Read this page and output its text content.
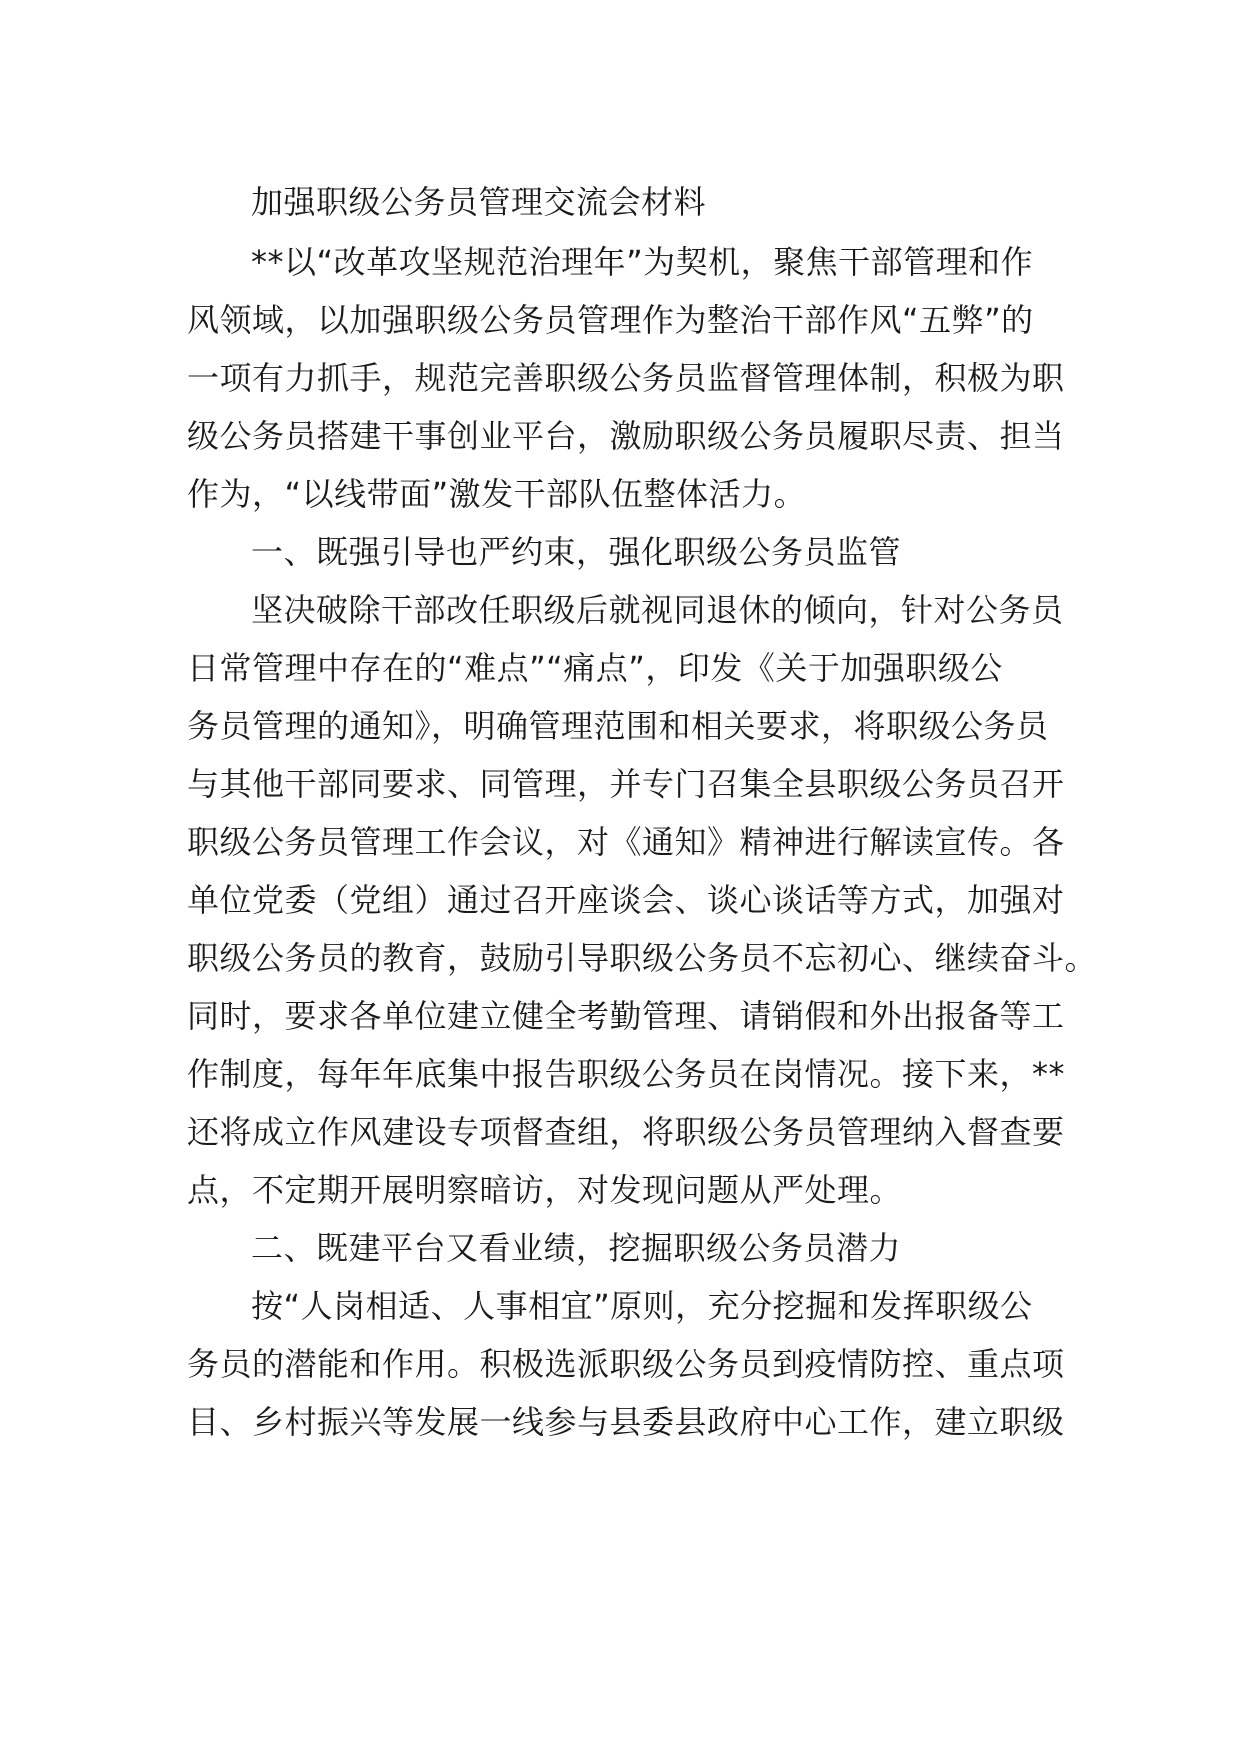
加强职级公务员管理交流会材料
**以“改革攻坚规范治理年”为契机，聚焦干部管理和作
风领域，以加强职级公务员管理作为整治干部作风“五弊”的
一项有力抓手，规范完善职级公务员监督管理体制，积极为职
级公务员搭建干事创业平台，激励职级公务员履职尽责、担当
作为，“以线带面”激发干部队伍整体活力。
一、既强引导也严约束，强化职级公务员监管
坚决破除干部改任职级后就视同退休的倾向，针对公务员
日常管理中存在的“难点”“痛点”，印发《关于加强职级公
务员管理的通知》，明确管理范围和相关要求，将职级公务员
与其他干部同要求、同管理，并专门召集全县职级公务员召开
职级公务员管理工作会议，对《通知》精神进行解读宣传。各
单位党委（党组）通过召开座谈会、谈心谈话等方式，加强对
职级公务员的教育，鼓励引导职级公务员不忘初心、继续奋斗。
同时，要求各单位建立健全考勤管理、请销假和外出报备等工
作制度，每年年底集中报告职级公务员在岗情况。接下来，**
还将成立作风建设专项督查组，将职级公务员管理纳入督查要
点，不定期开展明察暗访，对发现问题从严处理。
二、既建平台又看业绩，挖掘职级公务员潜力
按“人岗相适、人事相宜”原则，充分挖掘和发挥职级公
务员的潜能和作用。积极选派职级公务员到疫情防控、重点项
目、乡村振兴等发展一线参与县委县政府中心工作，建立职级
